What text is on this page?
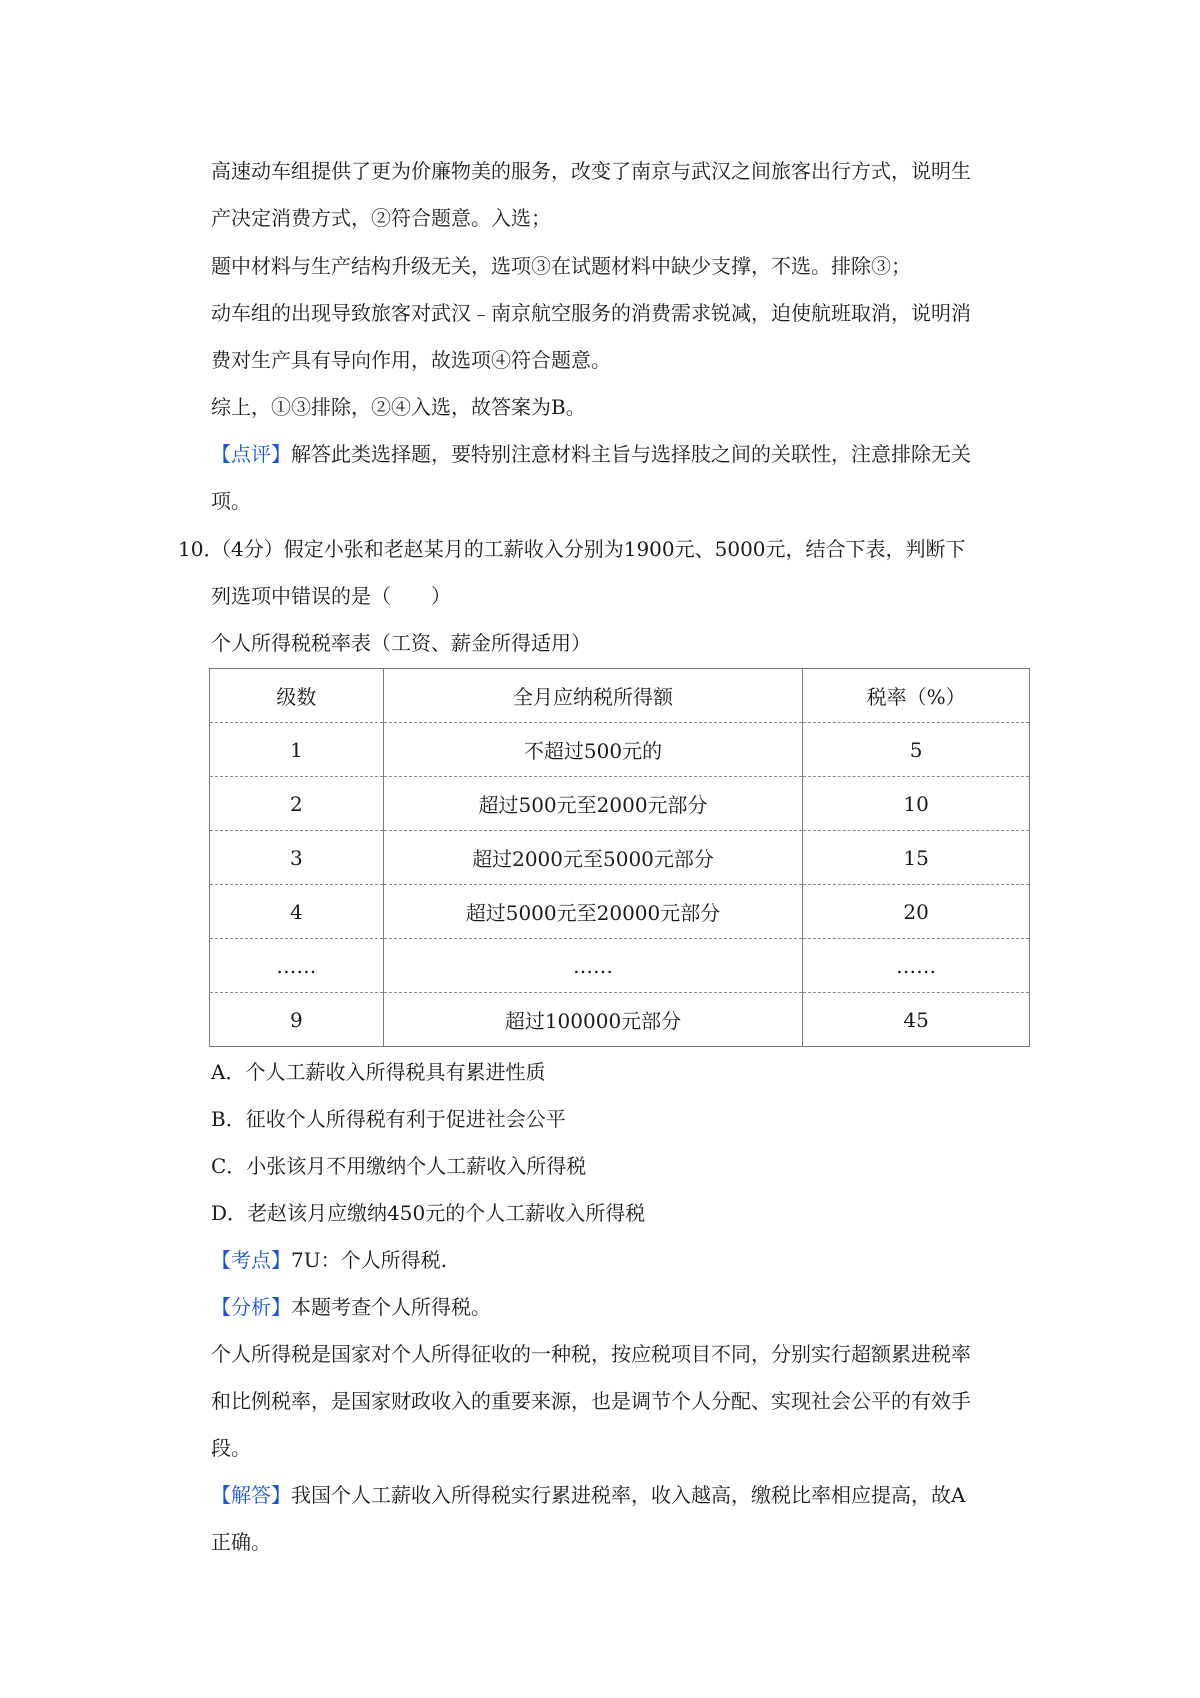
高速动车组提供了更为价廉物美的服务，改变了南京与武汉之间旅客出行方式，说明生

产决定消费方式，②符合题意。入选；

题中材料与生产结构升级无关，选项③在试题材料中缺少支撑，不选。排除③；

动车组的出现导致旅客对武汉﹣南京航空服务的消费需求锐减，迫使航班取消，说明消

费对生产具有导向作用，故选项④符合题意。

综上，①③排除，②④入选，故答案为B。

【点评】解答此类选择题，要特别注意材料主旨与选择肢之间的关联性，注意排除无关

项。

10．

（4分）假定小张和老赵某月的工薪收入分别为1900元、5000元，结合下表，判断下

列选项中错误的是（　　）

个人所得税税率表（工资、薪金所得适用）

级数	全月应纳税所得额	税率（%）
1	不超过500元的	5
2	超过500元至2000元部分	10
3	超过2000元至5000元部分	15
4	超过5000元至20000元部分	20
……	……	……
9	超过100000元部分	45

A．个人工薪收入所得税具有累进性质

B．征收个人所得税有利于促进社会公平

C．小张该月不用缴纳个人工薪收入所得税

D．老赵该月应缴纳450元的个人工薪收入所得税

【考点】7U：个人所得税.

【分析】本题考查个人所得税。

个人所得税是国家对个人所得征收的一种税，按应税项目不同，分别实行超额累进税率

和比例税率，是国家财政收入的重要来源，也是调节个人分配、实现社会公平的有效手

段。

【解答】我国个人工薪收入所得税实行累进税率，收入越高，缴税比率相应提高，故A

正确。
